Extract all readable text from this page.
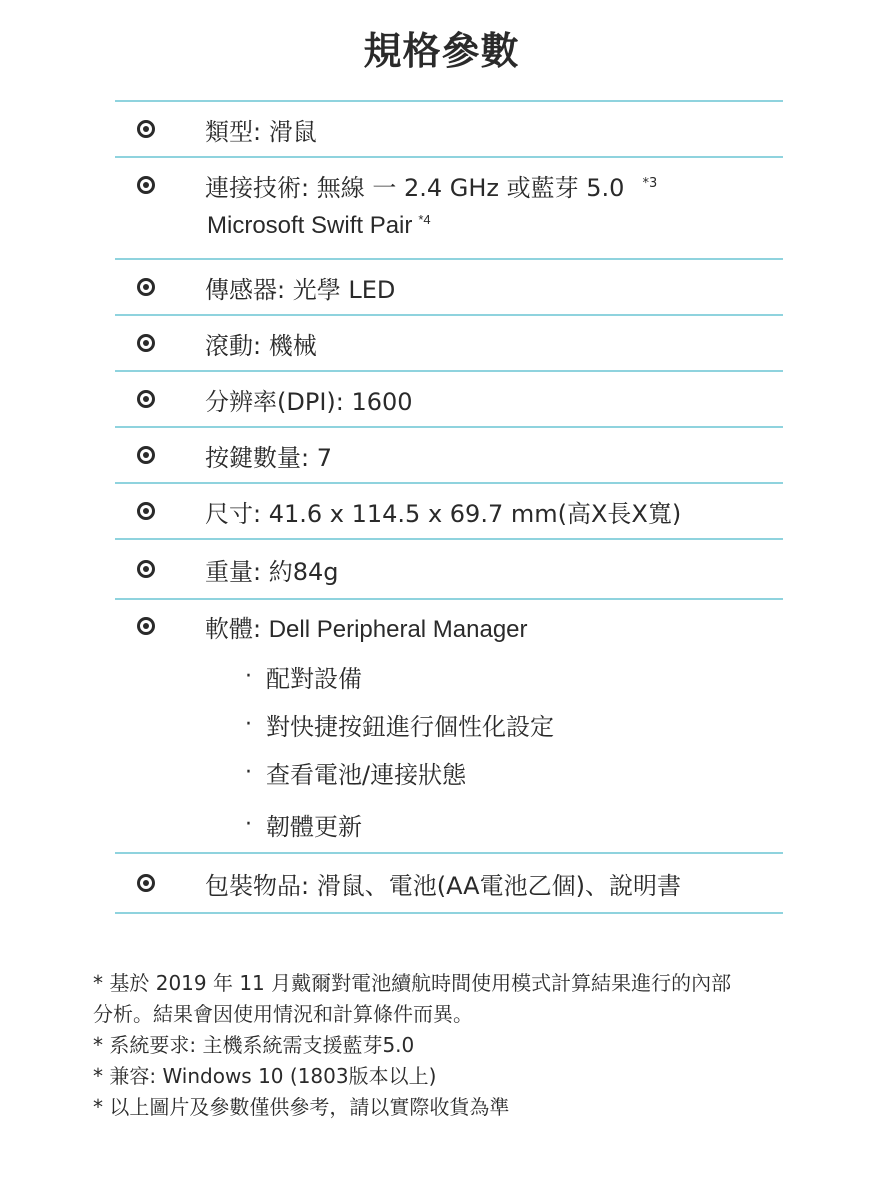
規格參數
類型: 滑鼠
連接技術: 無線 一 2.4 GHz 或藍芽 5.0 $^{*3}$
Microsoft Swift Pair $^{*4}$
傳感器: 光學 LED
滾動: 機械
分辨率(DPI): 1600
按鍵數量: 7
尺寸: 41.6 x 114.5 x 69.7 mm(高X長X寬)
重量: 約84g
軟體: Dell Peripheral Manager
· 配對設備
· 對快捷按鈕進行個性化設定
· 查看電池/連接狀態
· 韌體更新
包裝物品: 滑鼠、電池(AA電池乙個)、說明書
* 基於 2019 年 11 月戴爾對電池續航時間使用模式計算結果進行的內部
分析。結果會因使用情況和計算條件而異。
* 系統要求: 主機系統需支援藍芽5.0
* 兼容: Windows 10 (1803版本以上)
* 以上圖片及參數僅供參考，請以實際收貨為準
